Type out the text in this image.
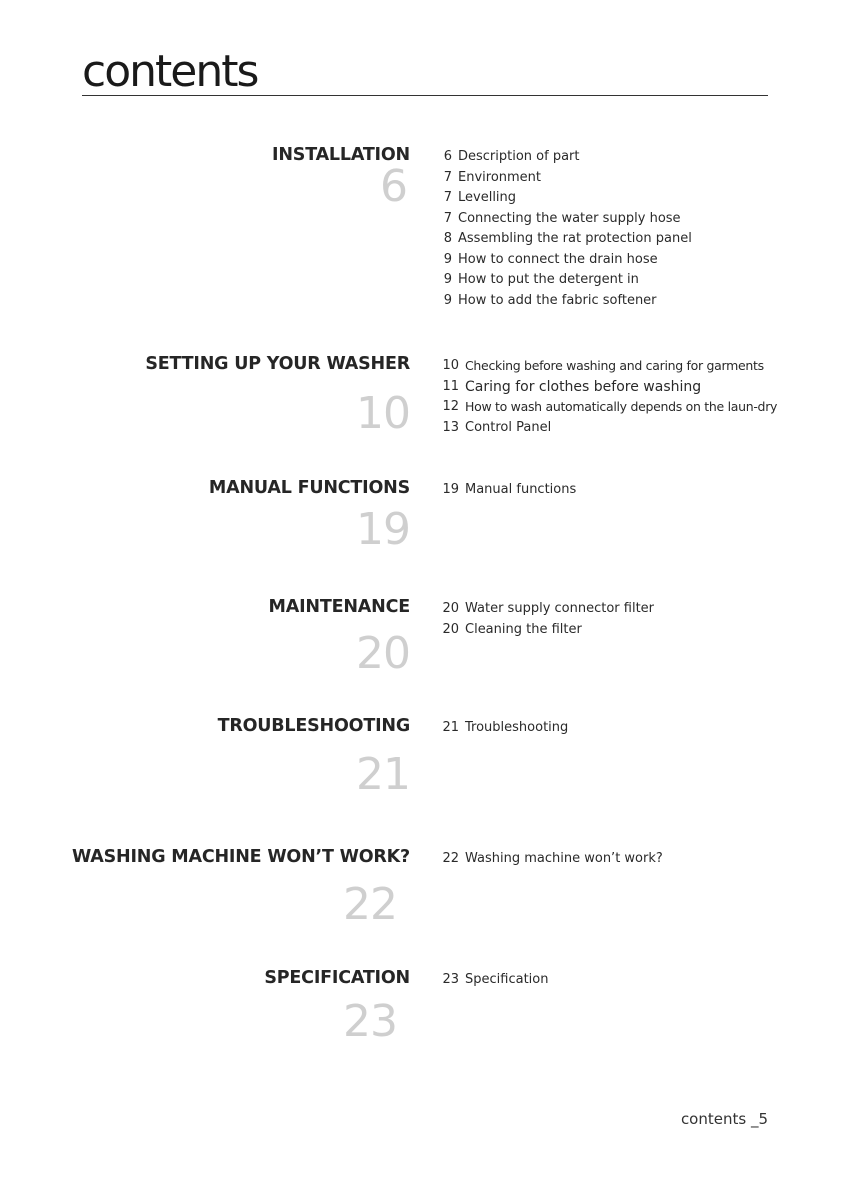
contents
INSTALLATION
6
6 Description of part
7 Environment
7 Levelling
7 Connecting the water supply hose
8 Assembling the rat protection panel
9 How to connect the drain hose
9 How to put the detergent in
9 How to add the fabric softener
SETTING UP YOUR WASHER
10
10 Checking before washing and caring for garments
11 Caring for clothes before washing
12 How to wash automatically depends on the laun-dry
13 Control Panel
MANUAL FUNCTIONS
19
19 Manual functions
MAINTENANCE
20
20 Water supply connector filter
20 Cleaning the filter
TROUBLESHOOTING
21
21 Troubleshooting
WASHING MACHINE WON’T WORK?
22
22 Washing machine won’t work?
SPECIFICATION
23
23 Specification
contents _5
